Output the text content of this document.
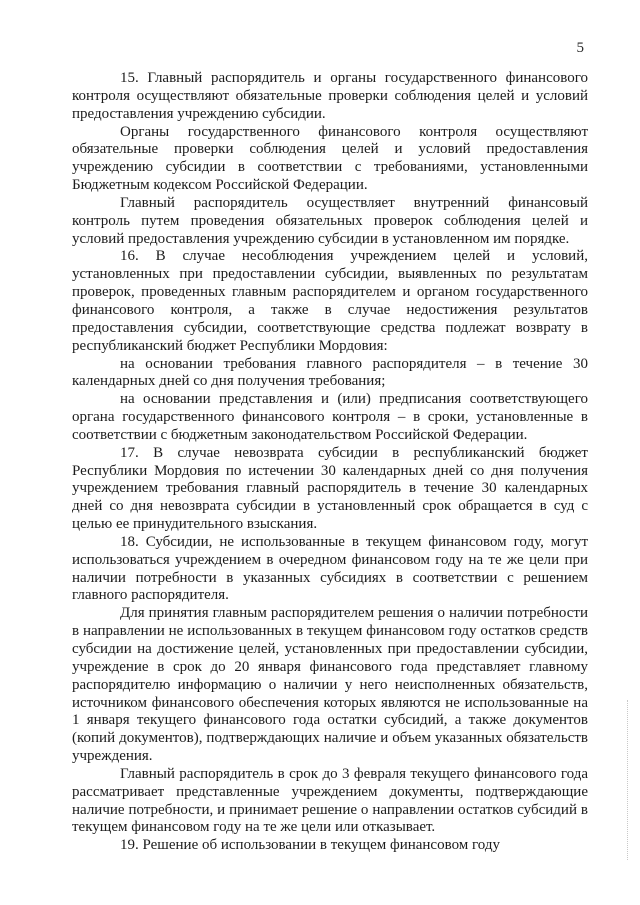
5

15. Главный распорядитель и органы государственного финансового контроля осуществляют обязательные проверки соблюдения целей и условий предоставления учреждению субсидии.

Органы государственного финансового контроля осуществляют обязательные проверки соблюдения целей и условий предоставления учреждению субсидии в соответствии с требованиями, установленными Бюджетным кодексом Российской Федерации.

Главный распорядитель осуществляет внутренний финансовый контроль путем проведения обязательных проверок соблюдения целей и условий предоставления учреждению субсидии в установленном им порядке.

16. В случае несоблюдения учреждением целей и условий, установленных при предоставлении субсидии, выявленных по результатам проверок, проведенных главным распорядителем и органом государственного финансового контроля, а также в случае недостижения результатов предоставления субсидии, соответствующие средства подлежат возврату в республиканский бюджет Республики Мордовия:

на основании требования главного распорядителя – в течение 30 календарных дней со дня получения требования;

на основании представления и (или) предписания соответствующего органа государственного финансового контроля – в сроки, установленные в соответствии с бюджетным законодательством Российской Федерации.

17. В случае невозврата субсидии в республиканский бюджет Республики Мордовия по истечении 30 календарных дней со дня получения учреждением требования главный распорядитель в течение 30 календарных дней со дня невозврата субсидии в установленный срок обращается в суд с целью ее принудительного взыскания.

18. Субсидии, не использованные в текущем финансовом году, могут использоваться учреждением в очередном финансовом году на те же цели при наличии потребности в указанных субсидиях в соответствии с решением главного распорядителя.

Для принятия главным распорядителем решения о наличии потребности в направлении не использованных в текущем финансовом году остатков средств субсидии на достижение целей, установленных при предоставлении субсидии, учреждение в срок до 20 января финансового года представляет главному распорядителю информацию о наличии у него неисполненных обязательств, источником финансового обеспечения которых являются не использованные на 1 января текущего финансового года остатки субсидий, а также документов (копий документов), подтверждающих наличие и объем указанных обязательств учреждения.

Главный распорядитель в срок до 3 февраля текущего финансового года рассматривает представленные учреждением документы, подтверждающие наличие потребности, и принимает решение о направлении остатков субсидий в текущем финансовом году на те же цели или отказывает.

19. Решение об использовании в текущем финансовом году
